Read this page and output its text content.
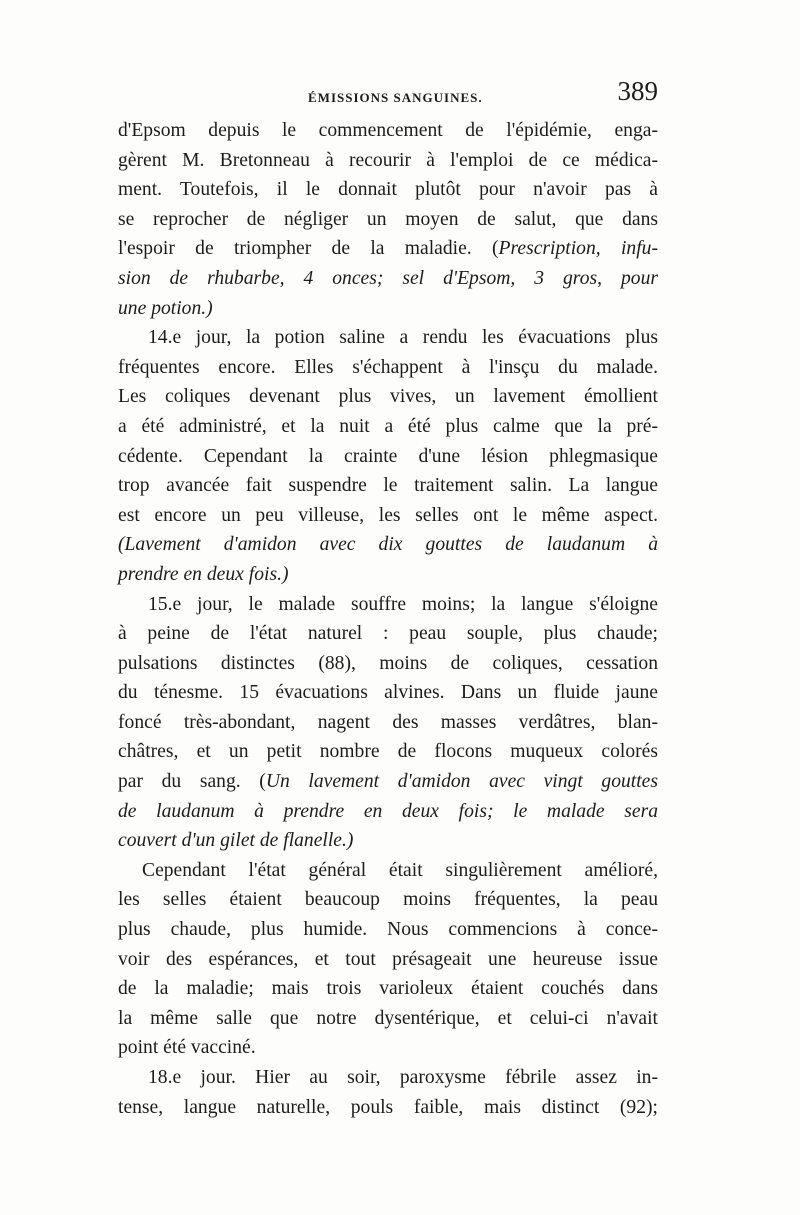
ÉMISSIONS SANGUINES.	389
d'Epsom depuis le commencement de l'épidémie, enga-
gèrent M. Bretonneau à recourir à l'emploi de ce médica-
ment. Toutefois, il le donnait plutôt pour n'avoir pas à
se reprocher de négliger un moyen de salut, que dans
l'espoir de triompher de la maladie. (Prescription, infu-
sion de rhubarbe, 4 onces; sel d'Epsom, 3 gros, pour
une potion.)
14.e jour, la potion saline a rendu les évacuations plus
fréquentes encore. Elles s'échappent à l'insçu du malade.
Les coliques devenant plus vives, un lavement émollient
a été administré, et la nuit a été plus calme que la pré-
cédente. Cependant la crainte d'une lésion phlegmasique
trop avancée fait suspendre le traitement salin. La langue
est encore un peu villeuse, les selles ont le même aspect.
(Lavement d'amidon avec dix gouttes de laudanum à
prendre en deux fois.)
15.e jour, le malade souffre moins; la langue s'éloigne
à peine de l'état naturel : peau souple, plus chaude;
pulsations distinctes (88), moins de coliques, cessation
du ténesme. 15 évacuations alvines. Dans un fluide jaune
foncé très-abondant, nagent des masses verdâtres, blan-
châtres, et un petit nombre de flocons muqueux colorés
par du sang. (Un lavement d'amidon avec vingt gouttes
de laudanum à prendre en deux fois; le malade sera
couvert d'un gilet de flanelle.)
Cependant l'état général était singulièrement amélioré,
les selles étaient beaucoup moins fréquentes, la peau
plus chaude, plus humide. Nous commencions à conce-
voir des espérances, et tout présageait une heureuse issue
de la maladie; mais trois varioleux étaient couchés dans
la même salle que notre dysentérique, et celui-ci n'avait
point été vacciné.
18.e jour. Hier au soir, paroxysme fébrile assez in-
tense, langue naturelle, pouls faible, mais distinct (92);
